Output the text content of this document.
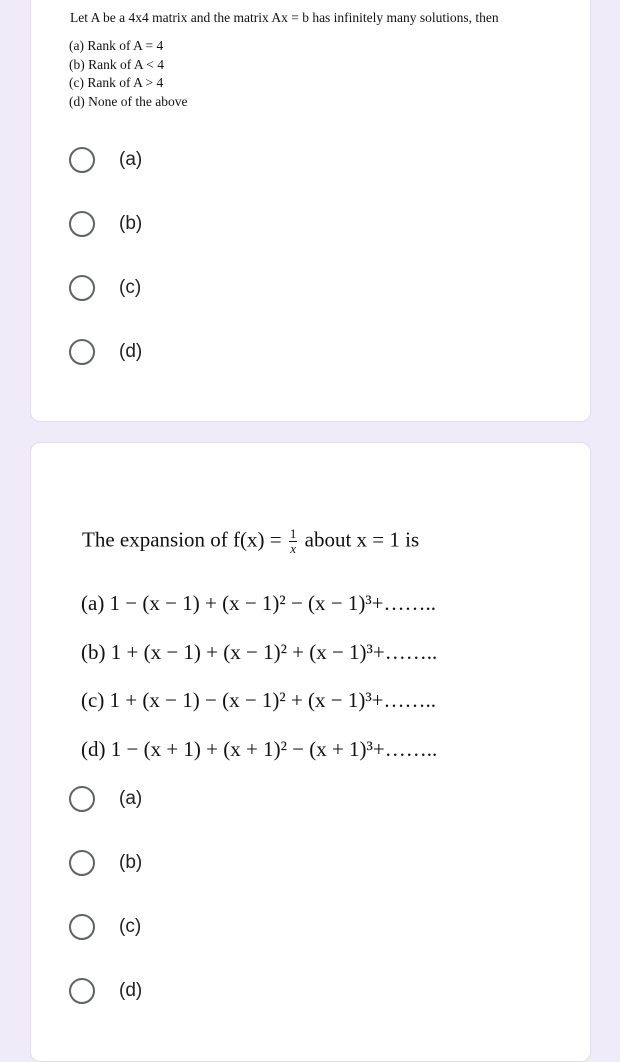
Let A be a 4x4 matrix and the matrix Ax = b has infinitely many solutions, then
(a) Rank of A = 4
(b) Rank of A < 4
(c) Rank of A > 4
(d) None of the above
(a)
(b)
(c)
(d)
The expansion of $f(x) = \frac{1}{x}$ about x = 1 is
(a) 1 − (x − 1) + (x − 1)² − (x − 1)³+……..
(b) 1 + (x − 1) + (x − 1)² + (x − 1)³+……..
(c) 1 + (x − 1) − (x − 1)² + (x − 1)³+……..
(d) 1 − (x + 1) + (x + 1)² − (x + 1)³+……..
(a)
(b)
(c)
(d)
